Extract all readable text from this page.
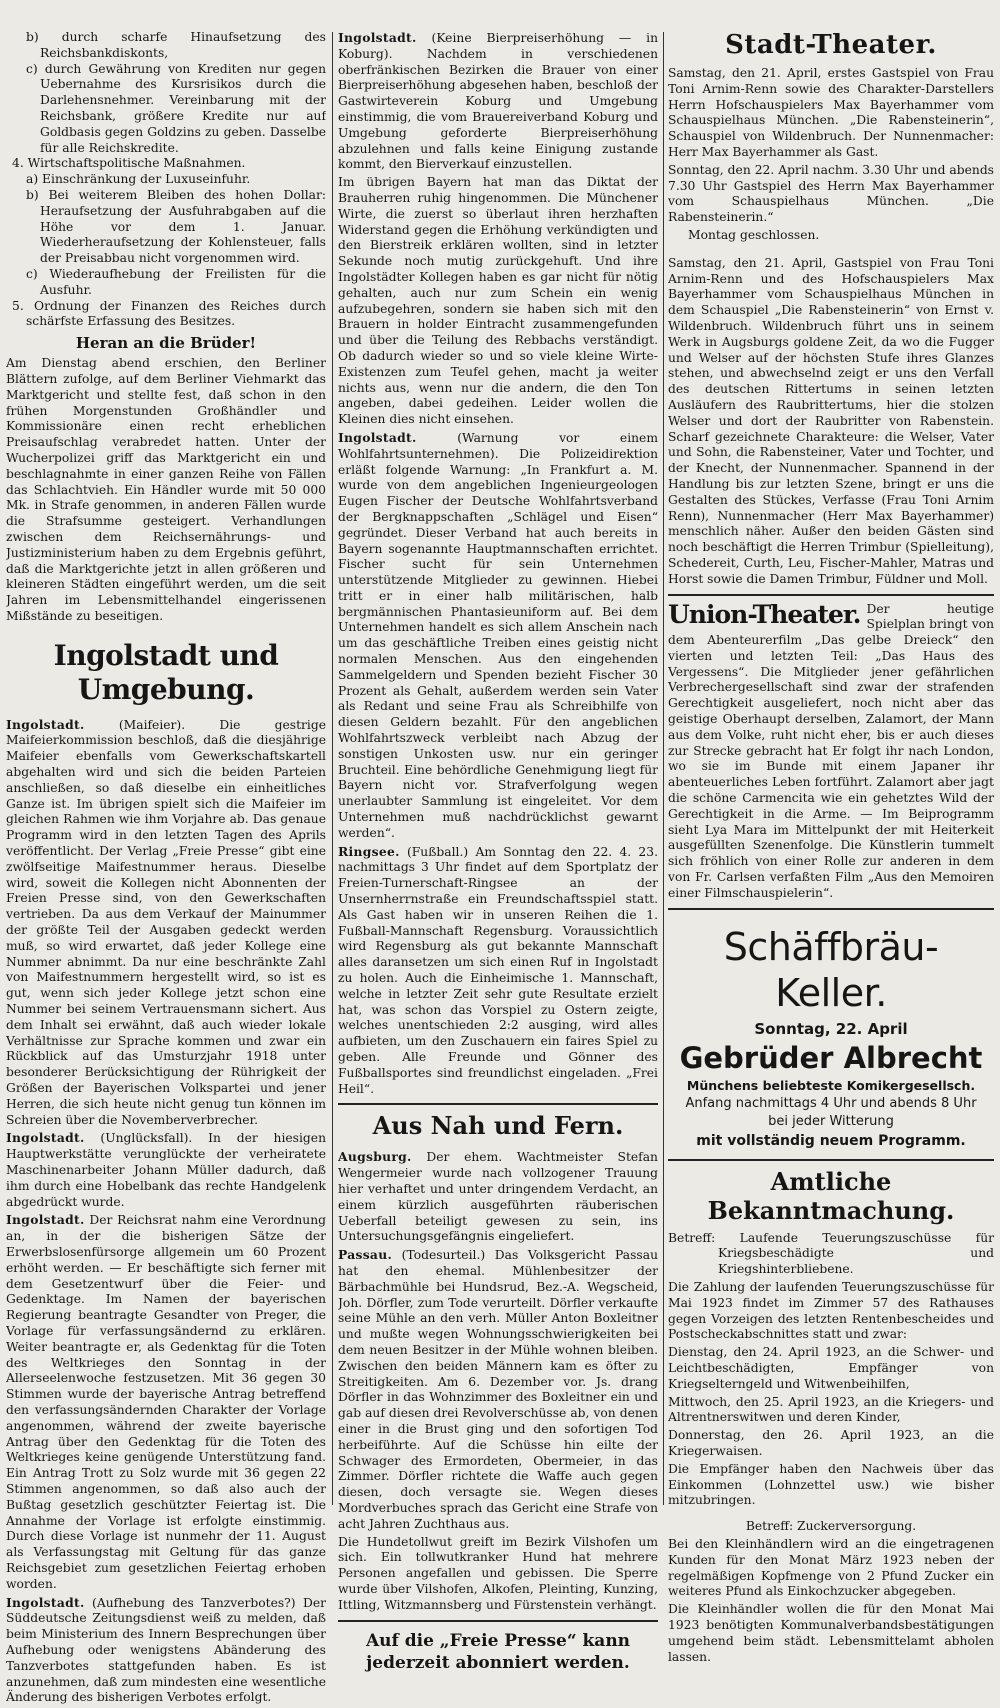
b) durch scharfe Hinaufsetzung des Reichsbankdiskonts,

c) durch Gewährung von Krediten nur gegen Uebernahme des Kursrisikos durch die Darlehensnehmer. Vereinbarung mit der Reichsbank, größere Kredite nur auf Goldbasis gegen Goldzins zu geben. Dasselbe für alle Reichskredite.

4. Wirtschaftspolitische Maßnahmen.

a) Einschränkung der Luxuseinfuhr.

b) Bei weiterem Bleiben des hohen Dollar: Heraufsetzung der Ausfuhrabgaben auf die Höhe vor dem 1. Januar. Wiederheraufsetzung der Kohlensteuer, falls der Preisabbau nicht vorgenommen wird.

c) Wiederaufhebung der Freilisten für die Ausfuhr.

5. Ordnung der Finanzen des Reiches durch schärfste Erfassung des Besitzes.

Heran an die Brüder!

Am Dienstag abend erschien, den Berliner Blättern zufolge, auf dem Berliner Viehmarkt das Marktgericht und stellte fest, daß schon in den frühen Morgenstunden Großhändler und Kommissionäre einen recht erheblichen Preisaufschlag verabredet hatten. Unter der Wucherpolizei griff das Marktgericht ein und beschlagnahmte in einer ganzen Reihe von Fällen das Schlachtvieh. Ein Händler wurde mit 50 000 Mk. in Strafe genommen, in anderen Fällen wurde die Strafsumme gesteigert. Verhandlungen zwischen dem Reichsernährungs- und Justizministerium haben zu dem Ergebnis geführt, daß die Marktgerichte jetzt in allen größeren und kleineren Städten eingeführt werden, um die seit Jahren im Lebensmittelhandel eingerissenen Mißstände zu beseitigen.

Ingolstadt und Umgebung.

Ingolstadt.	(Maifeier). Die gestrige Maifeierkommission beschloß, daß die diesjährige Maifeier ebenfalls vom Gewerkschaftskartell abgehalten wird und sich die beiden Parteien anschließen, so daß dieselbe ein einheitliches Ganze ist. Im übrigen spielt sich die Maifeier im gleichen Rahmen wie ihm Vorjahre ab. Das genaue Programm wird in den letzten Tagen des Aprils veröffentlicht. Der Verlag „Freie Presse“ gibt eine zwölfseitige Maifestnummer heraus. Dieselbe wird, soweit die Kollegen nicht Abonnenten der Freien Presse sind, von den Gewerkschaften vertrieben. Da aus dem Verkauf der Mainummer der größte Teil der Ausgaben gedeckt werden muß, so wird erwartet, daß jeder Kollege eine Nummer abnimmt. Da nur eine beschränkte Zahl von Maifestnummern hergestellt wird, so ist es gut, wenn sich jeder Kollege jetzt schon eine Nummer bei seinem Vertrauensmann sichert. Aus dem Inhalt sei erwähnt, daß auch wieder lokale Verhältnisse zur Sprache kommen und zwar ein Rückblick auf das Umsturzjahr 1918 unter besonderer Berücksichtigung der Rührigkeit der Größen der Bayerischen Volkspartei und jener Herren, die sich heute nicht genug tun können im Schreien über die Novemberverbrecher.

Ingolstadt. (Unglücksfall). In der hiesigen Hauptwerkstätte verunglückte der verheiratete Maschinenarbeiter Johann Müller dadurch, daß ihm durch eine Hobelbank das rechte Handgelenk abgedrückt wurde.

Ingolstadt. Der Reichsrat nahm eine Verordnung an, in der die bisherigen Sätze der Erwerbslosenfürsorge allgemein um 60 Prozent erhöht werden. — Er beschäftigte sich ferner mit dem Gesetzentwurf über die Feier- und Gedenktage. Im Namen der bayerischen Regierung beantragte Gesandter von Preger, die Vorlage für verfassungsändernd zu erklären. Weiter beantragte er, als Gedenktag für die Toten des Weltkrieges den Sonntag in der Allerseelenwoche festzusetzen. Mit 36 gegen 30 Stimmen wurde der bayerische Antrag betreffend den verfassungsändernden Charakter der Vorlage angenommen, während der zweite bayerische Antrag über den Gedenktag für die Toten des Weltkrieges keine genügende Unterstützung fand. Ein Antrag Trott zu Solz wurde mit 36 gegen 22 Stimmen angenommen, so daß also auch der Bußtag gesetzlich geschützter Feiertag ist. Die Annahme der Vorlage ist erfolgte einstimmig. Durch diese Vorlage ist nunmehr der 11. August als Verfassungstag mit Geltung für das ganze Reichsgebiet zum gesetzlichen Feiertag erhoben worden.

Ingolstadt. (Aufhebung des Tanzverbotes?) Der Süddeutsche Zeitungsdienst weiß zu melden, daß beim Ministerium des Innern Besprechungen über Aufhebung oder wenigstens Abänderung des Tanzverbotes stattgefunden haben. Es ist anzunehmen, daß zum mindesten eine wesentliche Änderung des bisherigen Verbotes erfolgt.

Ingolstadt. (Keine Bierpreiserhöhung — in Koburg). Nachdem in verschiedenen oberfränkischen Bezirken die Brauer von einer Bierpreiserhöhung abgesehen haben, beschloß der Gastwirteverein Koburg und Umgebung einstimmig, die vom Brauereiverband Koburg und Umgebung geforderte Bierpreiserhöhung abzulehnen und falls keine Einigung zustande kommt, den Bierverkauf einzustellen.

Im übrigen Bayern hat man das Diktat der Brauherren ruhig hingenommen. Die Münchener Wirte, die zuerst so überlaut ihren herzhaften Widerstand gegen die Erhöhung verkündigten und den Bierstreik erklären wollten, sind in letzter Sekunde noch mutig zurückgehuft. Und ihre Ingolstädter Kollegen haben es gar nicht für nötig gehalten, auch nur zum Schein ein wenig aufzubegehren, sondern sie haben sich mit den Brauern in holder Eintracht zusammengefunden und über die Teilung des Rebbachs verständigt. Ob dadurch wieder so und so viele kleine Wirte-Existenzen zum Teufel gehen, macht ja weiter nichts aus, wenn nur die andern, die den Ton angeben, dabei gedeihen. Leider wollen die Kleinen dies nicht einsehen.

Ingolstadt.	(Warnung vor einem Wohlfahrtsunternehmen). Die Polizeidirektion erläßt folgende Warnung: „In Frankfurt a. M. wurde von dem angeblichen Ingenieurgeologen Eugen Fischer der Deutsche Wohlfahrtsverband der Bergknappschaften „Schlägel und Eisen“ gegründet. Dieser Verband hat auch bereits in Bayern sogenannte Hauptmannschaften errichtet. Fischer sucht für sein Unternehmen unterstützende Mitglieder zu gewinnen. Hiebei tritt er in einer halb militärischen, halb bergmännischen Phantasieuniform auf. Bei dem Unternehmen handelt es sich allem Anschein nach um das geschäftliche Treiben eines geistig nicht normalen Menschen. Aus den eingehenden Sammelgeldern und Spenden bezieht Fischer 30 Prozent als Gehalt, außerdem werden sein Vater als Redant und seine Frau als Schreibhilfe von diesen Geldern bezahlt. Für den angeblichen Wohlfahrtszweck verbleibt nach Abzug der sonstigen Unkosten usw. nur ein geringer Bruchteil. Eine behördliche Genehmigung liegt für Bayern nicht vor. Strafverfolgung wegen unerlaubter Sammlung ist eingeleitet. Vor dem Unternehmen muß nachdrücklichst gewarnt werden“.

Ringsee. (Fußball.) Am Sonntag den 22. 4. 23. nachmittags 3 Uhr findet auf dem Sportplatz der Freien-Turnerschaft-Ringsee an der Unsernherrnstraße ein Freundschaftsspiel statt. Als Gast haben wir in unseren Reihen die 1. Fußball-Mannschaft Regensburg. Voraussichtlich wird Regensburg als gut bekannte Mannschaft alles daransetzen um sich einen Ruf in Ingolstadt zu holen. Auch die Einheimische 1. Mannschaft, welche in letzter Zeit sehr gute Resultate erzielt hat, was schon das Vorspiel zu Ostern zeigte, welches unentschieden 2:2 ausging, wird alles aufbieten, um den Zuschauern ein faires Spiel zu geben. Alle Freunde und Gönner des Fußballsportes sind freundlichst eingeladen. „Frei Heil“.

Aus Nah und Fern.

Augsburg. Der ehem. Wachtmeister Stefan Wengermeier wurde nach vollzogener Trauung hier verhaftet und unter dringendem Verdacht, an einem kürzlich ausgeführten räuberischen Ueberfall beteiligt gewesen zu sein, ins Untersuchungsgefängnis eingeliefert.

Passau. (Todesurteil.) Das Volksgericht Passau hat den ehemal. Mühlenbesitzer der Bärbachmühle bei Hundsrud, Bez.-A. Wegscheid, Joh. Dörfler, zum Tode verurteilt. Dörfler verkaufte seine Mühle an den verh. Müller Anton Boxleitner und mußte wegen Wohnungsschwierigkeiten bei dem neuen Besitzer in der Mühle wohnen bleiben. Zwischen den beiden Männern kam es öfter zu Streitigkeiten. Am 6. Dezember vor. Js. drang Dörfler in das Wohnzimmer des Boxleitner ein und gab auf diesen drei Revolverschüsse ab, von denen einer in die Brust ging und den sofortigen Tod herbeiführte. Auf die Schüsse hin eilte der Schwager des Ermordeten, Obermeier, in das Zimmer. Dörfler richtete die Waffe auch gegen diesen, doch versagte sie. Wegen dieses Mordverbuches sprach das Gericht eine Strafe von acht Jahren Zuchthaus aus.

Die Hundetollwut greift im Bezirk Vilshofen um sich. Ein tollwutkranker Hund hat mehrere Personen angefallen und gebissen. Die Sperre wurde über Vilshofen, Alkofen, Pleinting, Kunzing, Ittling, Witzmannsberg und Fürstenstein verhängt.

Auf die „Freie Presse“ kann jederzeit abonniert werden.
Stadt-Theater.

Samstag, den 21. April, erstes Gastspiel von Frau Toni Arnim-Renn sowie des Charakter-Darstellers Herrn Hofschauspielers Max Bayerhammer vom Schauspielhaus München. „Die Rabensteinerin“, Schauspiel von Wildenbruch. Der Nunnenmacher: Herr Max Bayerhammer als Gast.

Sonntag, den 22. April nachm. 3.30 Uhr und abends 7.30 Uhr Gastspiel des Herrn Max Bayerhammer vom Schauspielhaus München. „Die Rabensteinerin.“

Montag geschlossen.

Samstag, den 21. April, Gastspiel von Frau Toni Arnim-Renn und des Hofschauspielers Max Bayerhammer vom Schauspielhaus München in dem Schauspiel „Die Rabensteinerin“ von Ernst v. Wildenbruch. Wildenbruch führt uns in seinem Werk in Augsburgs goldene Zeit, da wo die Fugger und Welser auf der höchsten Stufe ihres Glanzes stehen, und abwechselnd zeigt er uns den Verfall des deutschen Rittertums in seinen letzten Ausläufern des Raubrittertums, hier die stolzen Welser und dort der Raubritter von Rabenstein. Scharf gezeichnete Charakteure: die Welser, Vater und Sohn, die Rabensteiner, Vater und Tochter, und der Knecht, der Nunnenmacher. Spannend in der Handlung bis zur letzten Szene, bringt er uns die Gestalten des Stückes, Verfasse (Frau Toni Arnim Renn), Nunnenmacher (Herr Max Bayerhammer) menschlich näher. Außer den beiden Gästen sind noch beschäftigt die Herren Trimbur (Spielleitung), Schedereit, Curth, Leu, Fischer-Mahler, Matras und Horst sowie die Damen Trimbur, Füldner und Moll.

Union-Theater. Der heutige Spielplan bringt von dem Abenteurerfilm „Das gelbe Dreieck“ den vierten und letzten Teil: „Das Haus des Vergessens“. Die Mitglieder jener gefährlichen Verbrechergesellschaft sind zwar der strafenden Gerechtigkeit ausgeliefert, noch nicht aber das geistige Oberhaupt derselben, Zalamort, der Mann aus dem Volke, ruht nicht eher, bis er auch dieses zur Strecke gebracht hat Er folgt ihr nach London, wo sie im Bunde mit einem Japaner ihr abenteuerliches Leben fortführt. Zalamort aber jagt die schöne Carmencita wie ein gehetztes Wild der Gerechtigkeit in die Arme. — Im Beiprogramm sieht Lya Mara im Mittelpunkt der mit Heiterkeit ausgefüllten Szenenfolge. Die Künstlerin tummelt sich fröhlich von einer Rolle zur anderen in dem von Fr. Carlsen verfaßten Film „Aus den Memoiren einer Filmschauspielerin“.

Schäffbräu-Keller.
Sonntag, 22. April
Gebrüder Albrecht
Münchens beliebteste Komikergesellsch.
Anfang nachmittags 4 Uhr und abends 8 Uhr
bei jeder Witterung
mit vollständig neuem Programm.
Amtliche Bekanntmachung.

Betreff: Laufende Teuerungszuschüsse für Kriegsbeschädigte und Kriegshinterbliebene.

Die Zahlung der laufenden Teuerungszuschüsse für Mai 1923 findet im Zimmer 57 des Rathauses gegen Vorzeigen des letzten Rentenbescheides und Postscheckabschnittes statt und zwar:

Dienstag, den 24. April 1923, an die Schwer- und Leichtbeschädigten, Empfänger von Kriegselterngeld und Witwenbeihilfen,

Mittwoch, den 25. April 1923, an die Kriegers- und Altrentnerswitwen und deren Kinder,

Donnerstag, den 26. April 1923, an die Kriegerwaisen.

Die Empfänger haben den Nachweis über das Einkommen (Lohnzettel usw.) wie bisher mitzubringen.

Betreff: Zuckerversorgung.

Bei den Kleinhändlern wird an die eingetragenen Kunden für den Monat März 1923 neben der regelmäßigen Kopfmenge von 2 Pfund Zucker ein weiteres Pfund als Einkochzucker abgegeben.

Die Kleinhändler wollen die für den Monat Mai 1923 benötigten Kommunalverbandsbestätigungen umgehend beim städt. Lebensmittelamt abholen lassen.
